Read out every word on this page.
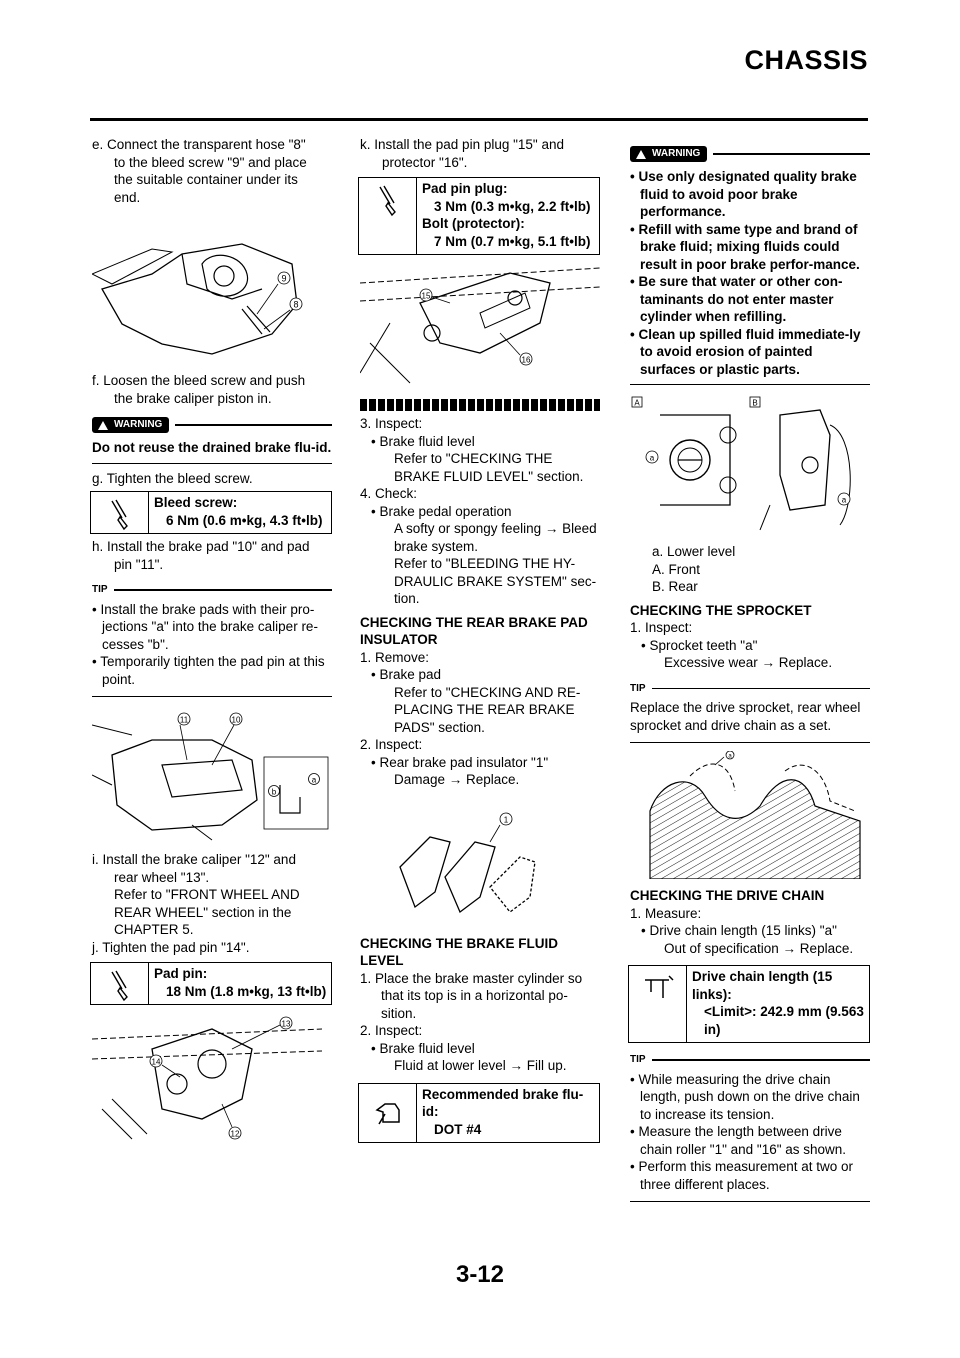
CHASSIS
e. Connect the transparent hose "8"
to the bleed screw "9" and place
the suitable container under its
end.
9
8
f. Loosen the bleed screw and push
the brake caliper piston in.
WARNING
Do not reuse the drained brake flu-id.
g. Tighten the bleed screw.
Bleed screw:
6 Nm (0.6 m•kg, 4.3 ft•lb)
h. Install the brake pad "10" and pad
pin "11".
TIP
• Install the brake pads with their pro-jections "a" into the brake caliper re-cesses "b".
• Temporarily tighten the pad pin at this point.
11	10
a
b
i. Install the brake caliper "12" and
rear wheel "13".
Refer to "FRONT WHEEL AND
REAR WHEEL" section in the
CHAPTER 5.
j. Tighten the pad pin "14".
Pad pin:
18 Nm (1.8 m•kg, 13 ft•lb)
13
14
12
k. Install the pad pin plug "15" and
protector "16".
Pad pin plug:
3 Nm (0.3 m•kg, 2.2 ft•lb)
Bolt (protector):
7 Nm (0.7 m•kg, 5.1 ft•lb)
15
16
3. Inspect:
• Brake fluid level
Refer to "CHECKING THE BRAKE FLUID LEVEL" section.
4. Check:
• Brake pedal operation
A softy or spongy feeling → Bleed brake system.
Refer to "BLEEDING THE HY-DRAULIC BRAKE SYSTEM" sec-tion.
CHECKING THE REAR BRAKE PAD INSULATOR
1. Remove:
• Brake pad
Refer to "CHECKING AND RE-PLACING THE REAR BRAKE PADS" section.
2. Inspect:
• Rear brake pad insulator "1"
Damage → Replace.
1
CHECKING THE BRAKE FLUID LEVEL
1. Place the brake master cylinder so that its top is in a horizontal po-sition.
2. Inspect:
• Brake fluid level
Fluid at lower level → Fill up.
Recommended brake flu-id:
DOT #4
WARNING
• Use only designated quality brake fluid to avoid poor brake performance.
• Refill with same type and brand of brake fluid; mixing fluids could result in poor brake perfor-mance.
• Be sure that water or other con-taminants do not enter master cylinder when refilling.
• Clean up spilled fluid immediate-ly to avoid erosion of painted surfaces or plastic parts.
A	B
a
a
a. Lower level
A. Front
B. Rear
CHECKING THE SPROCKET
1. Inspect:
• Sprocket teeth "a"
Excessive wear → Replace.
TIP
Replace the drive sprocket, rear wheel sprocket and drive chain as a set.
a
CHECKING THE DRIVE CHAIN
1. Measure:
• Drive chain length (15 links) "a"
Out of specification → Replace.
Drive chain length (15 links):
<Limit>: 242.9 mm (9.563 in)
TIP
• While measuring the drive chain length, push down on the drive chain to increase its tension.
• Measure the length between drive chain roller "1" and "16" as shown.
• Perform this measurement at two or three different places.
3-12
